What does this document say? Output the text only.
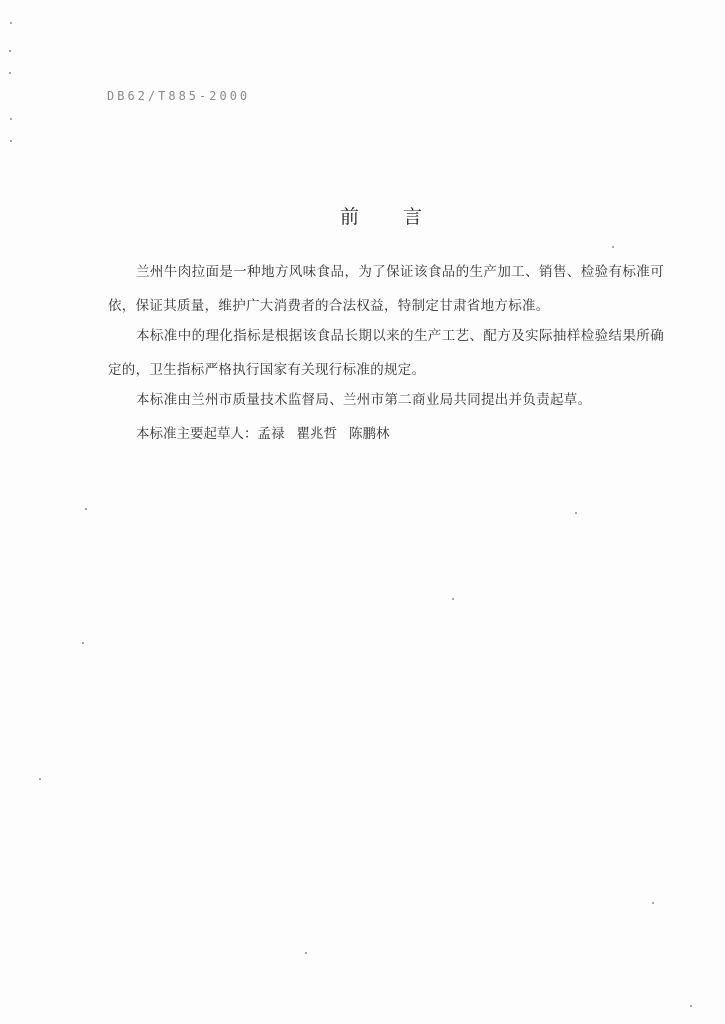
DB62/T885-2000
前言

兰州牛肉拉面是一种地方风味食品，为了保证该食品的生产加工、销售、检验有标准可依，保证其质量，维护广大消费者的合法权益，特制定甘肃省地方标准。

本标准中的理化指标是根据该食品长期以来的生产工艺、配方及实际抽样检验结果所确定的，卫生指标严格执行国家有关现行标准的规定。

本标准由兰州市质量技术监督局、兰州市第二商业局共同提出并负责起草。

本标准主要起草人：孟禄 瞿兆哲 陈鹏林
